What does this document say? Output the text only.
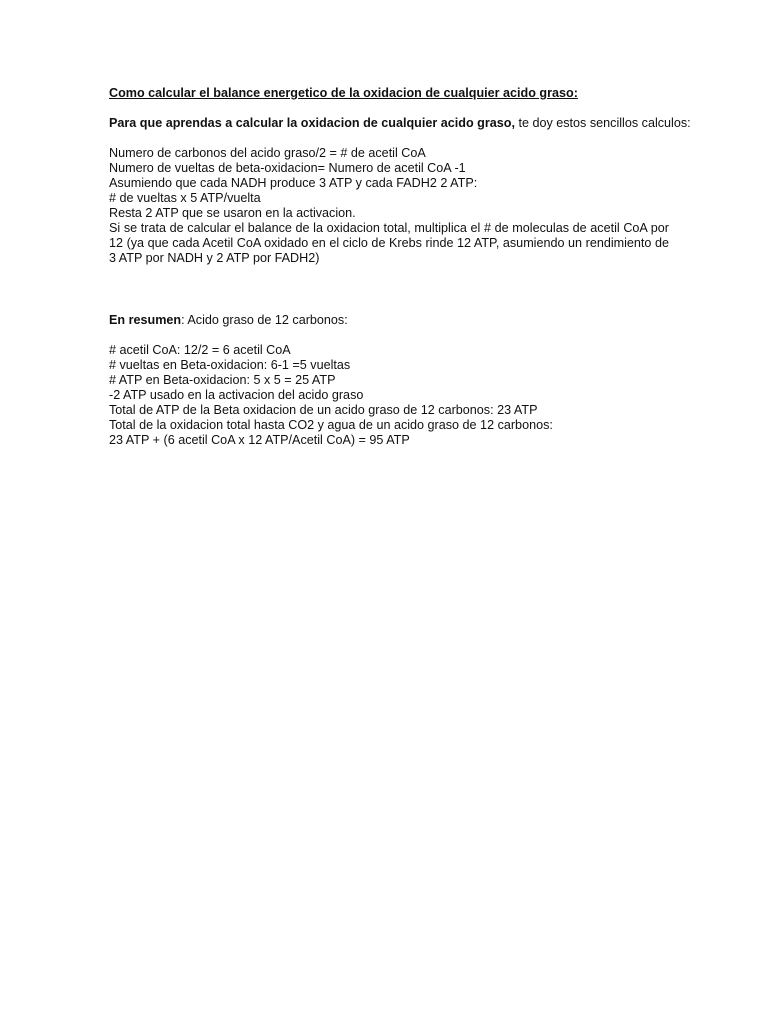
Como calcular el balance energetico de la oxidacion de cualquier acido graso:

Para que aprendas a calcular la oxidacion de cualquier acido graso, te doy estos sencillos calculos:

Numero de carbonos del acido graso/2 = # de acetil CoA

Numero de vueltas de beta-oxidacion= Numero de acetil CoA -1

Asumiendo que cada NADH produce 3 ATP y cada FADH2 2 ATP:

# de vueltas x 5 ATP/vuelta

Resta 2 ATP que se usaron en la activacion.

Si se trata de calcular el balance de la oxidacion total, multiplica el # de moleculas de acetil CoA por 12 (ya que cada Acetil CoA oxidado en el ciclo de Krebs rinde 12 ATP, asumiendo un rendimiento de 3 ATP por NADH y 2 ATP por FADH2)

En resumen: Acido graso de 12 carbonos:

# acetil CoA: 12/2 = 6 acetil CoA

# vueltas en Beta-oxidacion: 6-1 =5 vueltas

# ATP en Beta-oxidacion: 5 x 5 = 25 ATP

-2 ATP usado en la activacion del acido graso

Total de ATP de la Beta oxidacion de un acido graso de 12 carbonos: 23 ATP

Total de la oxidacion total hasta CO2 y agua de un acido graso de 12 carbonos:

23 ATP + (6 acetil CoA x 12 ATP/Acetil CoA) = 95 ATP
